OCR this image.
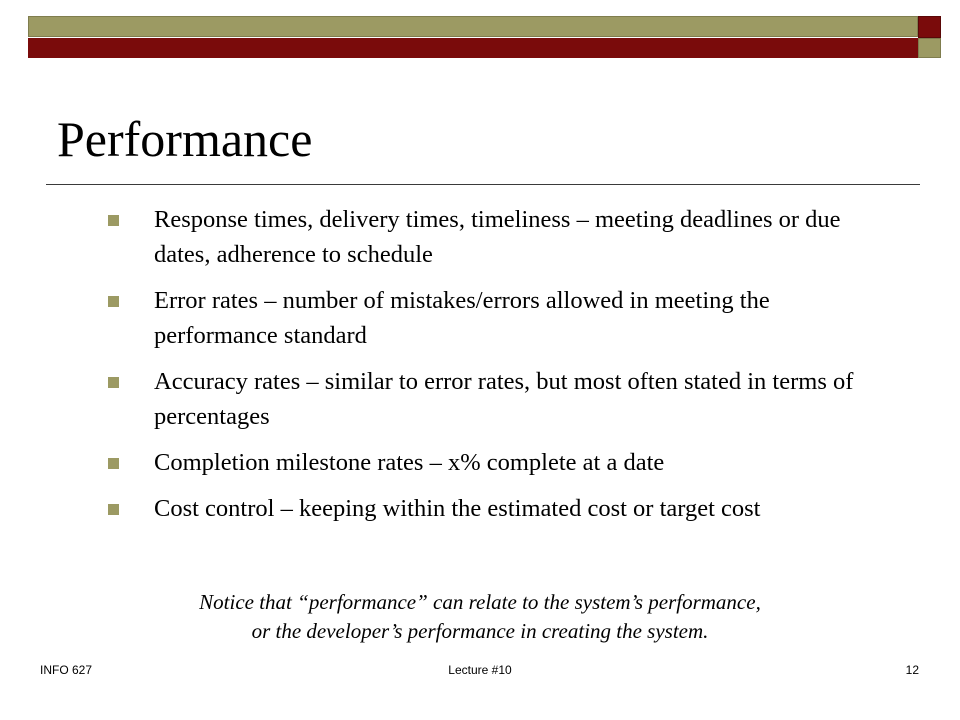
Performance
Response times, delivery times, timeliness – meeting deadlines or due dates, adherence to schedule
Error rates – number of mistakes/errors allowed in meeting the performance standard
Accuracy rates – similar to error rates, but most often stated in terms of percentages
Completion milestone rates – x% complete at a date
Cost control – keeping within the estimated cost or target cost
Notice that “performance” can relate to the system’s performance,
or the developer’s performance in creating the system.
INFO 627	Lecture #10	12
